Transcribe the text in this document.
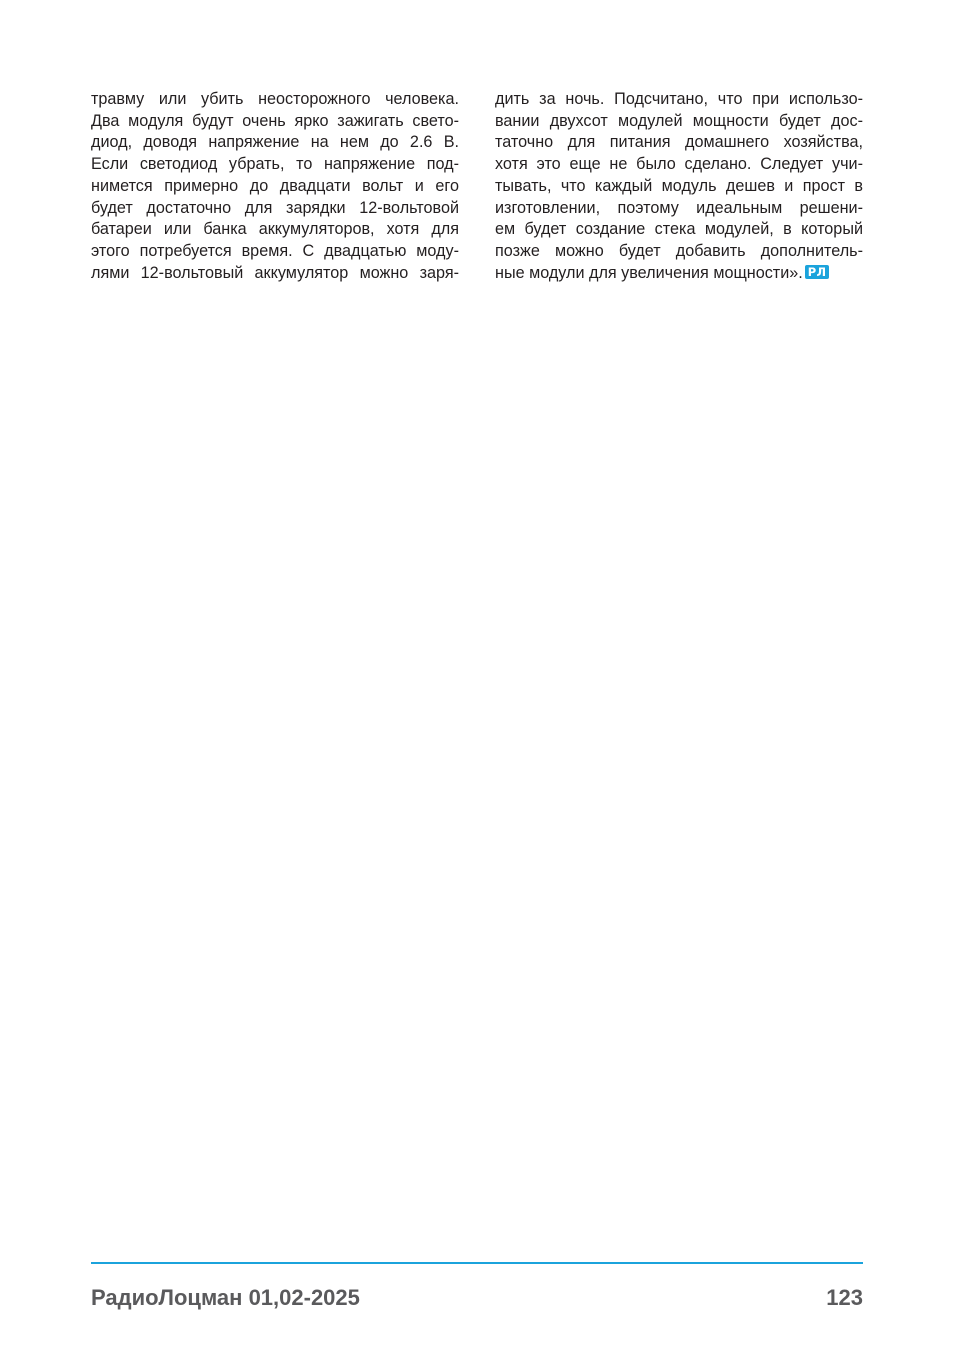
травму или убить неосторожного человека.
Два модуля будут очень ярко зажигать свето-
диод, доводя напряжение на нем до 2.6 В.
Если светодиод убрать, то напряжение под-
нимется примерно до двадцати вольт и его
будет достаточно для зарядки 12-вольтовой
батареи или банка аккумуляторов, хотя для
этого потребуется время. С двадцатью моду-
лями 12-вольтовый аккумулятор можно заря-
дить за ночь. Подсчитано, что при использо-
вании двухсот модулей мощности будет дос-
таточно для питания домашнего хозяйства,
хотя это еще не было сделано. Следует учи-
тывать, что каждый модуль дешев и прост в
изготовлении, поэтому идеальным решени-
ем будет создание стека модулей, в который
позже можно будет добавить дополнитель-
ные модули для увеличения мощности». РЛ
РадиоЛоцман 01,02-2025	123
